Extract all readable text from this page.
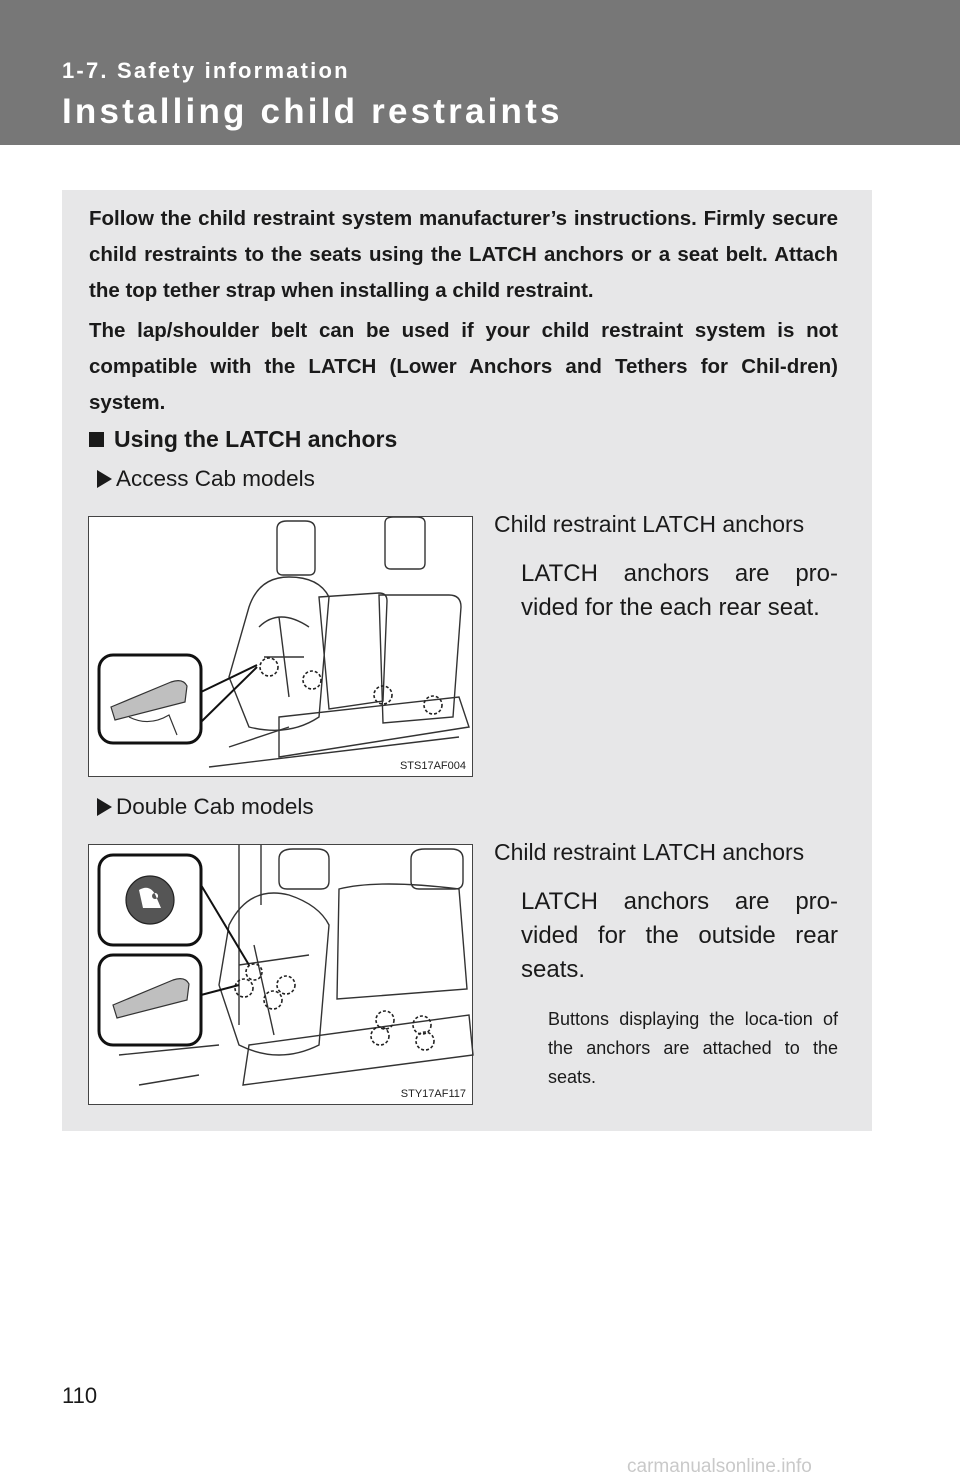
1-7. Safety information
Installing child restraints

Follow the child restraint system manufacturer’s instructions. Firmly secure child restraints to the seats using the LATCH anchors or a seat belt. Attach the top tether strap when installing a child restraint.

The lap/shoulder belt can be used if your child restraint system is not compatible with the LATCH (Lower Anchors and Tethers for Chil-dren) system.

Using the LATCH anchors
Access Cab models
STS17AF004
Child restraint LATCH anchors

LATCH anchors are pro-vided for the each rear seat.

Double Cab models
STY17AF117
Child restraint LATCH anchors

LATCH anchors are pro-vided for the outside rear seats.

Buttons displaying the loca-tion of the anchors are attached to the seats.

110
carmanualsonline.info
